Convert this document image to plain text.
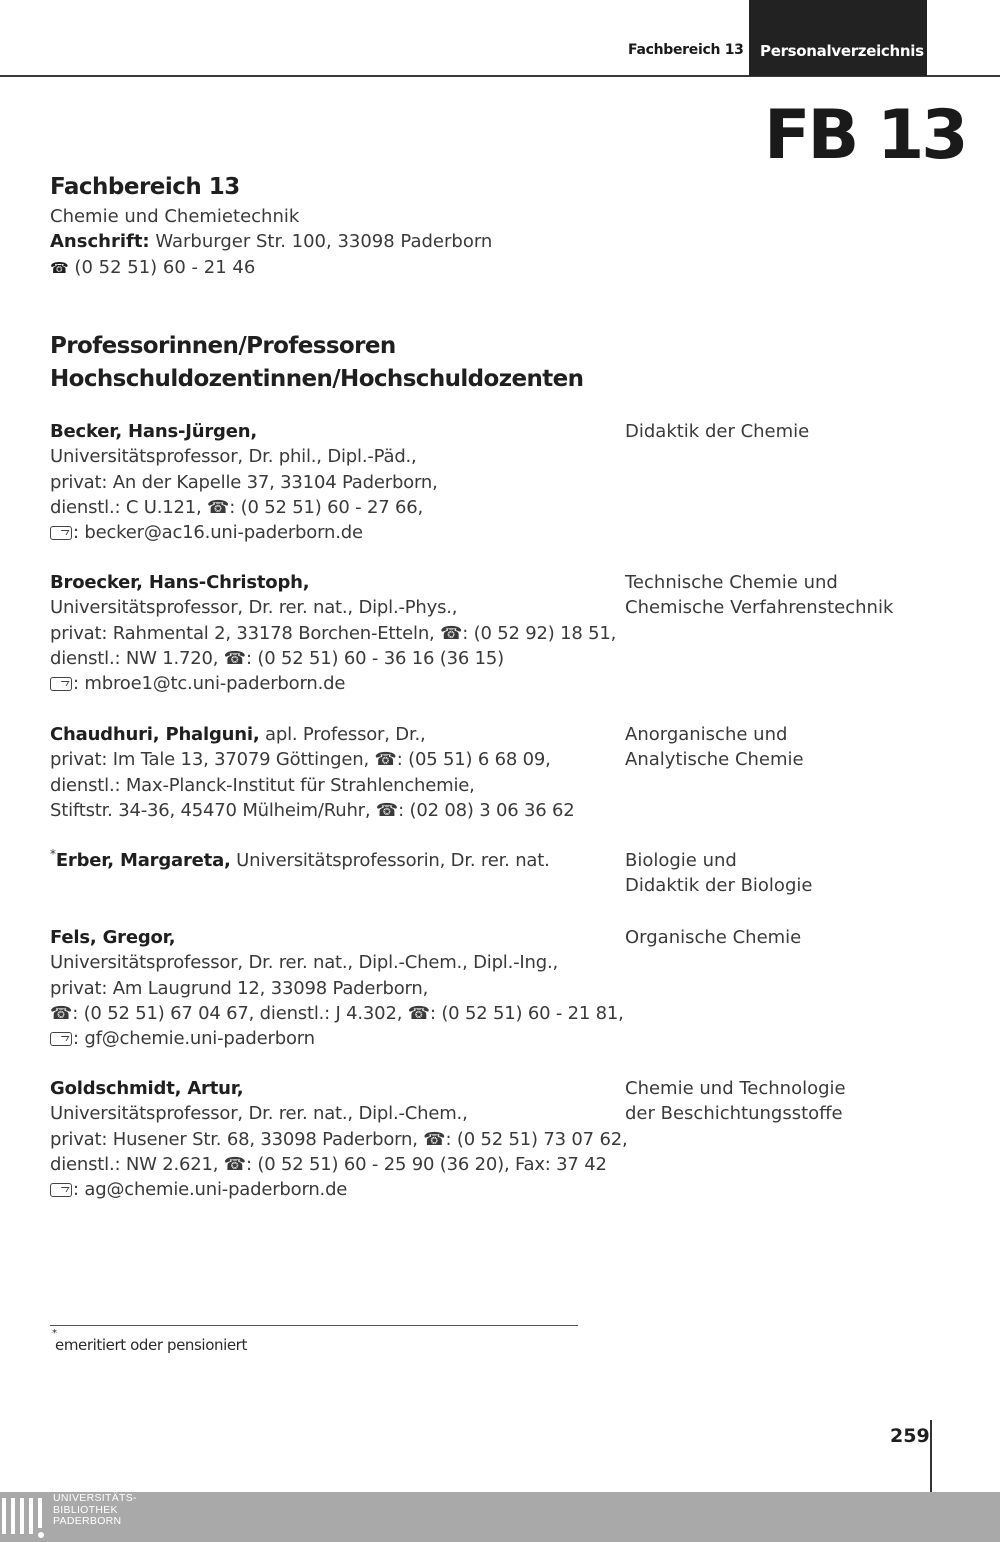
Fachbereich 13	Personalverzeichnis
FB 13
Fachbereich 13
Chemie und Chemietechnik
Anschrift: Warburger Str. 100, 33098 Paderborn
☎ (0 52 51) 60 - 21 46
Professorinnen/Professoren
Hochschuldozentinnen/Hochschuldozenten
Becker, Hans-Jürgen,
Universitätsprofessor, Dr. phil., Dipl.-Päd.,
privat: An der Kapelle 37, 33104 Paderborn,
dienstl.: C U.121, ☎: (0 52 51) 60 - 27 66,
: becker@ac16.uni-paderborn.de
Didaktik der Chemie
Broecker, Hans-Christoph,
Universitätsprofessor, Dr. rer. nat., Dipl.-Phys.,
privat: Rahmental 2, 33178 Borchen-Etteln, ☎: (0 52 92) 18 51,
dienstl.: NW 1.720, ☎: (0 52 51) 60 - 36 16 (36 15)
: mbroe1@tc.uni-paderborn.de
Technische Chemie und
Chemische Verfahrenstechnik
Chaudhuri, Phalguni, apl. Professor, Dr.,
privat: Im Tale 13, 37079 Göttingen, ☎: (05 51) 6 68 09,
dienstl.: Max-Planck-Institut für Strahlenchemie,
Stiftstr. 34-36, 45470 Mülheim/Ruhr, ☎: (02 08) 3 06 36 62
Anorganische und
Analytische Chemie
*Erber, Margareta, Universitätsprofessorin, Dr. rer. nat.	Biologie und
Didaktik der Biologie
Fels, Gregor,
Universitätsprofessor, Dr. rer. nat., Dipl.-Chem., Dipl.-Ing.,
privat: Am Laugrund 12, 33098 Paderborn,
☎: (0 52 51) 67 04 67, dienstl.: J 4.302, ☎: (0 52 51) 60 - 21 81,
: gf@chemie.uni-paderborn
Organische Chemie
Goldschmidt, Artur,
Universitätsprofessor, Dr. rer. nat., Dipl.-Chem.,
privat: Husener Str. 68, 33098 Paderborn, ☎: (0 52 51) 73 07 62,
dienstl.: NW 2.621, ☎: (0 52 51) 60 - 25 90 (36 20), Fax: 37 42
: ag@chemie.uni-paderborn.de
Chemie und Technologie
der Beschichtungsstoffe
*
emeritiert oder pensioniert
259
UNIVERSITÄTS-
BIBLIOTHEK
PADERBORN
